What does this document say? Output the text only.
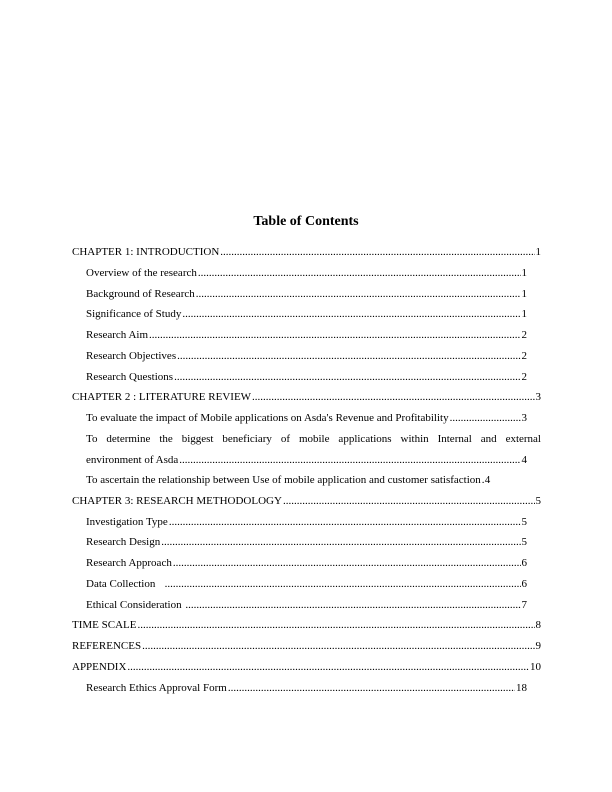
Table of Contents
CHAPTER 1: INTRODUCTION .....	1
Overview of the research .....	1
Background of Research .....	1
Significance of Study .....	1
Research Aim .....	2
Research Objectives .....	2
Research Questions .....	2
CHAPTER 2 : LITERATURE REVIEW .....	3
To evaluate the impact of Mobile applications on Asda's Revenue and Profitability .....	3
To determine the biggest beneficiary of mobile applications within Internal and external
environment of Asda .....	4
To ascertain the relationship between Use of mobile application and customer satisfaction ..... 4
CHAPTER 3: RESEARCH METHODOLOGY .....	5
Investigation Type .....	5
Research Design .....	5
Research Approach .....	6
Data Collection .....	6
Ethical Consideration .....	7
TIME SCALE .....	8
REFERENCES .....	9
APPENDIX .....	10
Research Ethics Approval Form .....	18
